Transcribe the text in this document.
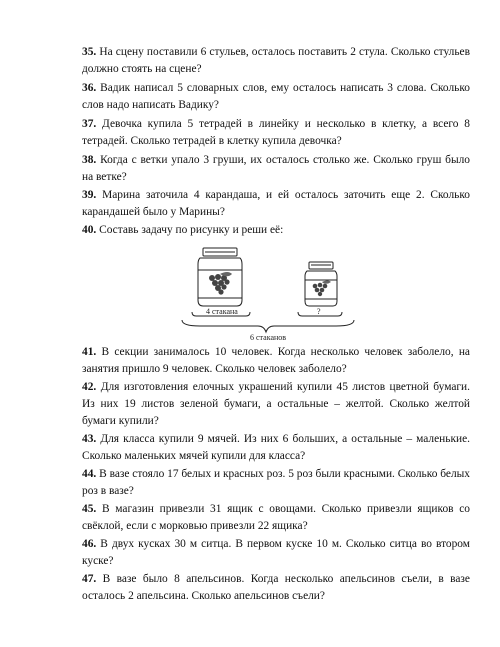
35. На сцену поставили 6 стульев, осталось поставить 2 стула. Сколько стульев должно стоять на сцене?
36. Вадик написал 5 словарных слов, ему осталось написать 3 слова. Сколько слов надо написать Вадику?
37. Девочка купила 5 тетрадей в линейку и несколько в клетку, а всего 8 тетрадей. Сколько тетрадей в клетку купила девочка?
38. Когда с ветки упало 3 груши, их осталось столько же. Сколько груш было на ветке?
39. Марина заточила 4 карандаша, и ей осталось заточить еще 2. Сколько карандашей было у Марины?
40. Составь задачу по рисунку и реши её:
4 стакана	?
6 стаканов
41. В секции занималось 10 человек. Когда несколько человек заболело, на занятия пришло 9 человек. Сколько человек заболело?
42. Для изготовления елочных украшений купили 45 листов цветной бумаги. Из них 19 листов зеленой бумаги, а остальные – желтой. Сколько желтой бумаги купили?
43. Для класса купили 9 мячей. Из них 6 больших, а остальные – маленькие. Сколько маленьких мячей купили для класса?
44. В вазе стояло 17 белых и красных роз. 5 роз были красными. Сколько белых роз в вазе?
45. В магазин привезли 31 ящик с овощами. Сколько привезли ящиков со свёклой, если с морковью привезли 22 ящика?
46. В двух кусках 30 м ситца. В первом куске 10 м. Сколько ситца во втором куске?
47. В вазе было 8 апельсинов. Когда несколько апельсинов съели, в вазе осталось 2 апельсина. Сколько апельсинов съели?
